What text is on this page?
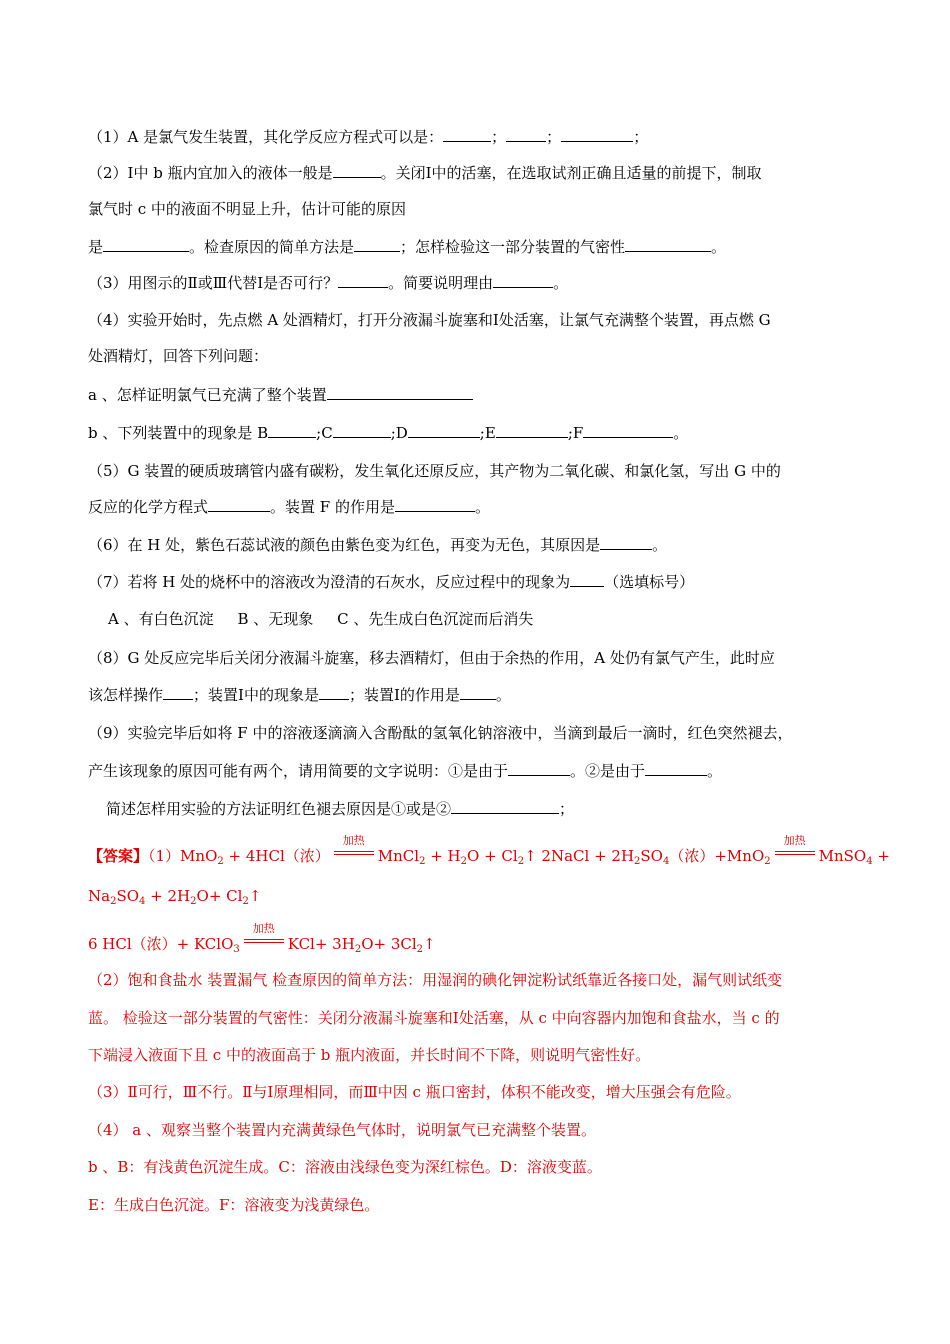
（1）A 是氯气发生装置，其化学反应方程式可以是：	；	；	；
（2）Ⅰ中 b 瓶内宜加入的液体一般是	。关闭Ⅰ中的活塞，在选取试剂正确且适量的前提下，制取
氯气时 c 中的液面不明显上升，估计可能的原因
是	。检查原因的简单方法是	；怎样检验这一部分装置的气密性	。
（3）用图示的Ⅱ或Ⅲ代替Ⅰ是否可行？	。简要说明理由	。
（4）实验开始时，先点燃 A 处酒精灯，打开分液漏斗旋塞和Ⅰ处活塞，让氯气充满整个装置，再点燃 G
处酒精灯，回答下列问题：
a 、怎样证明氯气已充满了整个装置
b 、下列装置中的现象是 B	;C	;D	;E	;F	。
（5）G 装置的硬质玻璃管内盛有碳粉，发生氧化还原反应，其产物为二氧化碳、和氯化氢，写出 G 中的
反应的化学方程式	。装置 F 的作用是	。
（6）在 H 处，紫色石蕊试液的颜色由紫色变为红色，再变为无色，其原因是	。
（7）若将 H 处的烧杯中的溶液改为澄清的石灰水，反应过程中的现象为 （选填标号）
A 、有白色沉淀     B 、无现象     C 、先生成白色沉淀而后消失
（8）G 处反应完毕后关闭分液漏斗旋塞，移去酒精灯，但由于余热的作用，A 处仍有氯气产生，此时应
该怎样操作 ；装置Ⅰ中的现象是 ；装置Ⅰ的作用是 。
（9）实验完毕后如将 F 中的溶液逐滴滴入含酚酞的氢氧化钠溶液中，当滴到最后一滴时，红色突然褪去，
产生该现象的原因可能有两个，请用简要的文字说明：①是由于	。②是由于	。
简述怎样用实验的方法证明红色褪去原因是①或是②	；
【答案】（1）MnO$_2$ + 4HCl（浓）
加热
MnCl$_2$ + $H_2O$ + $Cl_2↑$ 2NaCl + $2H_2SO_4$（浓）+MnO$_2$
加热
MnSO$_4$ +
$Na_2SO_4 + 2H_2O+$ $Cl_2↑$
6 HCl（浓）+ KClO$_3$
加热
$KCl+ 3H_2O+$ $3Cl_2↑$
（2）饱和食盐水 装置漏气 检查原因的简单方法：用湿润的碘化钾淀粉试纸靠近各接口处，漏气则试纸变
蓝。 检验这一部分装置的气密性：关闭分液漏斗旋塞和Ⅰ处活塞，从 c 中向容器内加饱和食盐水，当 c 的
下端浸入液面下且 c 中的液面高于 b 瓶内液面，并长时间不下降，则说明气密性好。
（3）Ⅱ可行，Ⅲ不行。Ⅱ与Ⅰ原理相同，而Ⅲ中因 c 瓶口密封，体积不能改变，增大压强会有危险。
（4） a 、观察当整个装置内充满黄绿色气体时，说明氯气已充满整个装置。
b 、B：有浅黄色沉淀生成。C：溶液由浅绿色变为深红棕色。D：溶液变蓝。
E：生成白色沉淀。F：溶液变为浅黄绿色。
